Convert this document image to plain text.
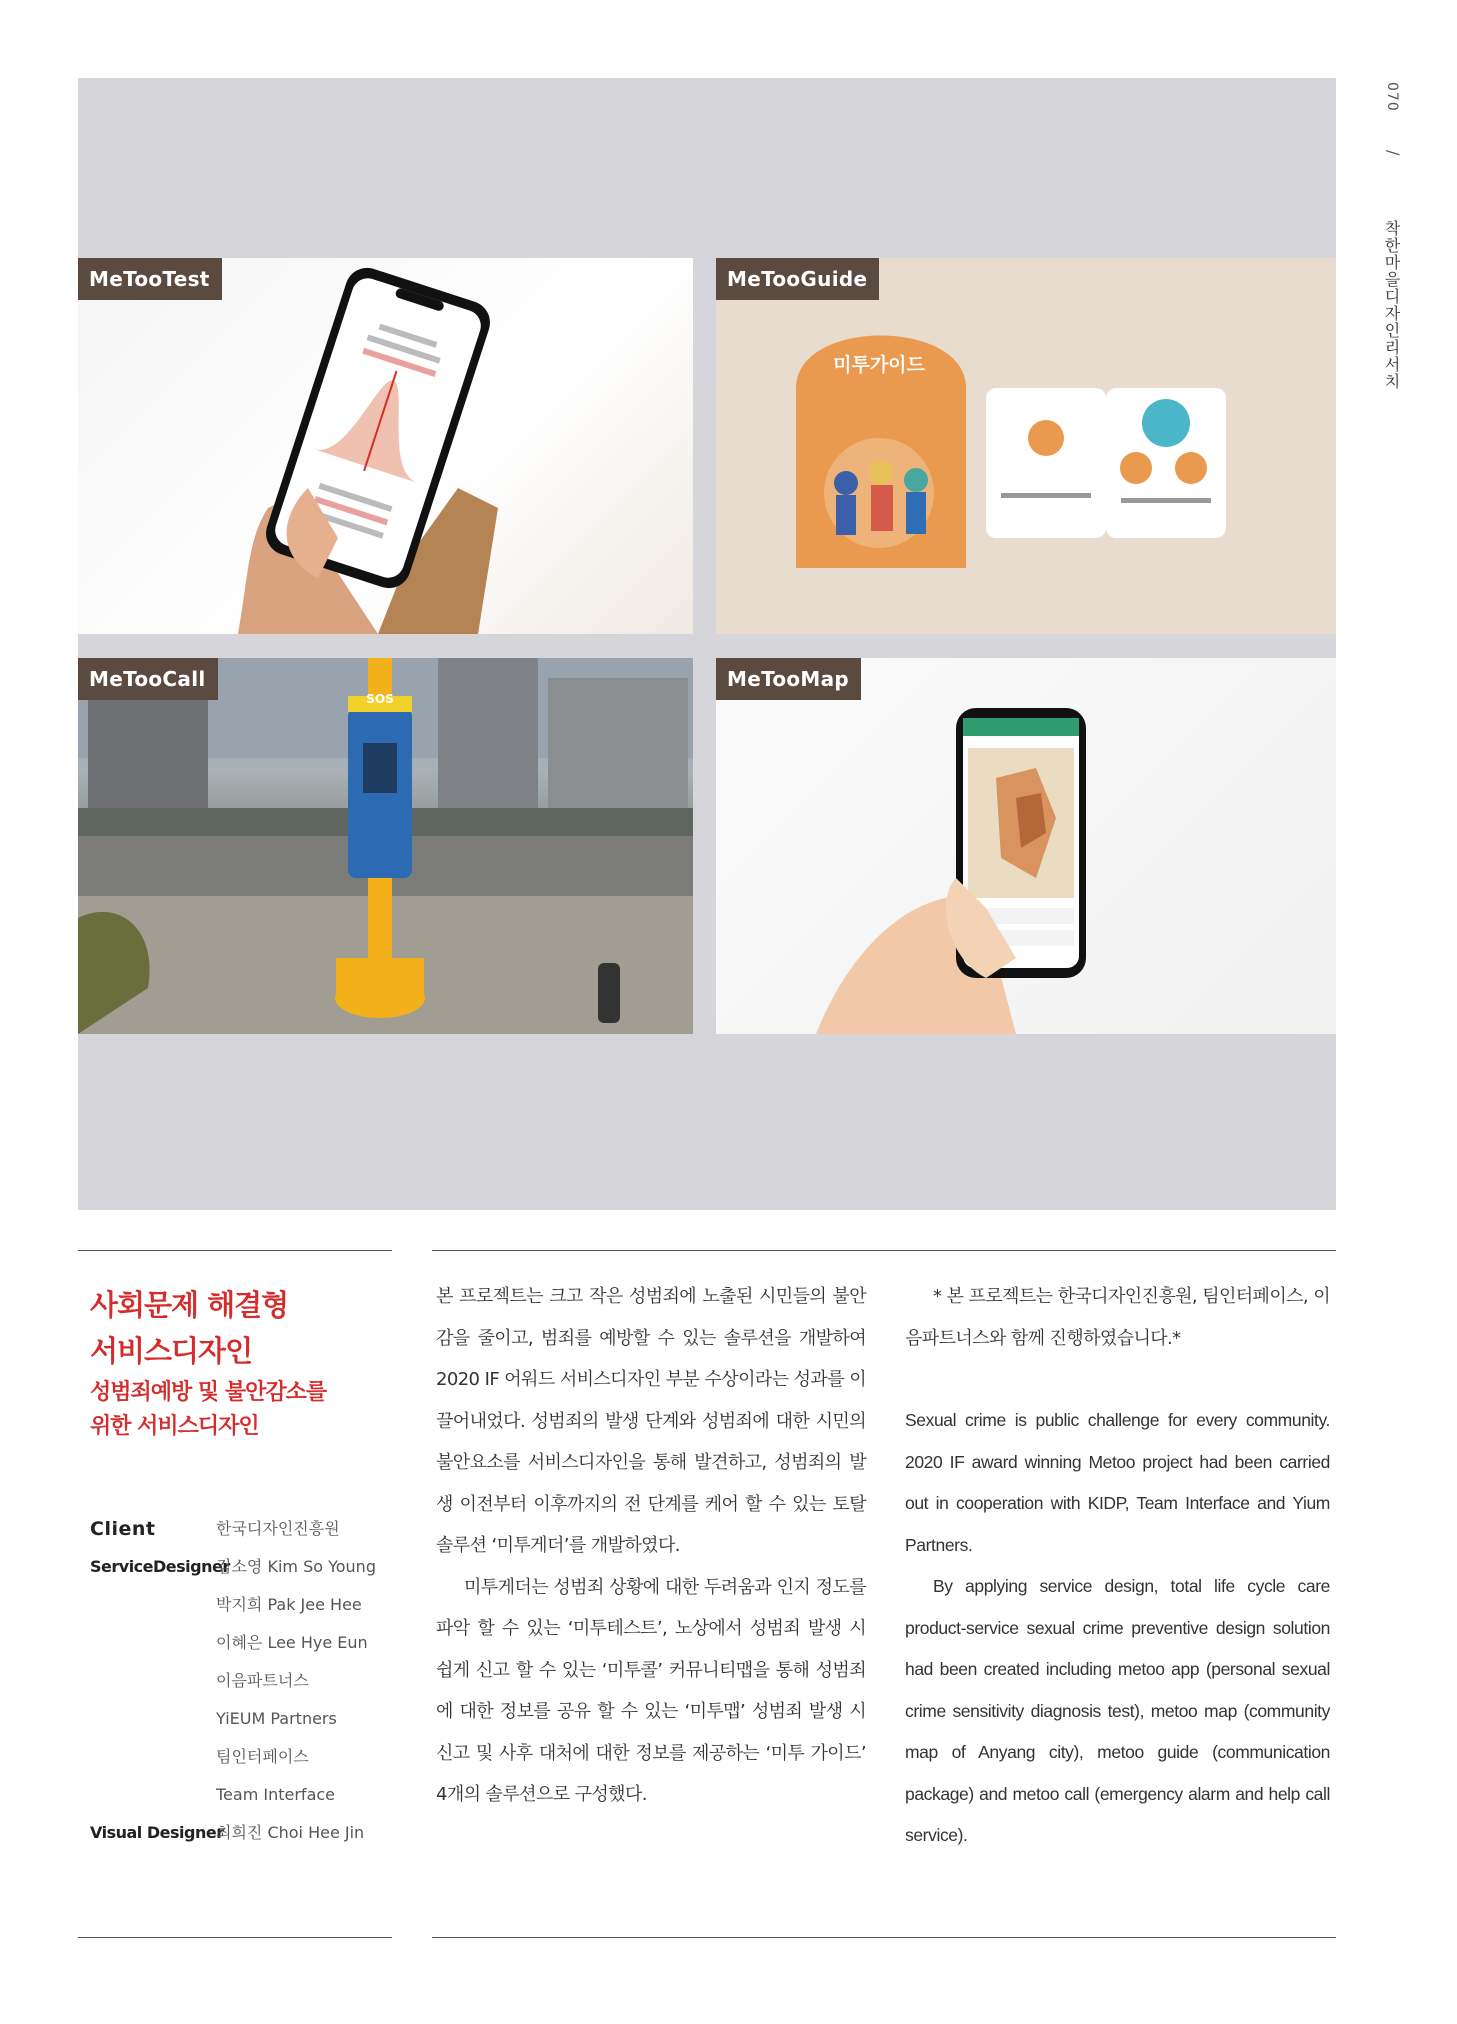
070
/
착한마을디자인리서치
MeTooTest
미투가이드
MeTooGuide
SOS
MeTooCall	MeTooMap
사회문제 해결형
서비스디자인
성범죄예방 및 불안감소를
위한 서비스디자인
Client	한국디자인진흥원
ServiceDesigner
김소영 Kim So Young
박지희 Pak Jee Hee
이혜은 Lee Hye Eun
이음파트너스
YiEUM Partners
팀인터페이스
Team Interface
Visual Designer
최희진 Choi Hee Jin

본 프로젝트는 크고 작은 성범죄에 노출된 시민들의 불안감을 줄이고, 범죄를 예방할 수 있는 솔루션을 개발하여 2020 IF 어워드 서비스디자인 부분 수상이라는 성과를 이끌어내었다. 성범죄의 발생 단계와 성범죄에 대한 시민의 불안요소를 서비스디자인을 통해 발견하고, 성범죄의 발생 이전부터 이후까지의 전 단계를 케어 할 수 있는 토탈 솔루션 ‘미투게더’를 개발하였다.

미투게더는 성범죄 상황에 대한 두려움과 인지 정도를 파악 할 수 있는 ‘미투테스트’, 노상에서 성범죄 발생 시 쉽게 신고 할 수 있는 ‘미투콜’ 커뮤니티맵을 통해 성범죄에 대한 정보를 공유 할 수 있는 ‘미투맵’ 성범죄 발생 시 신고 및 사후 대처에 대한 정보를 제공하는 ‘미투 가이드’ 4개의 솔루션으로 구성했다.

* 본 프로젝트는 한국디자인진흥원, 팀인터페이스, 이음파트너스와 함께 진행하였습니다.*

Sexual crime is public challenge for every community. 2020 IF award winning Metoo project had been carried out in cooperation with KIDP, Team Interface and Yium Partners.

By applying service design, total life cycle care product-service sexual crime preventive design solution had been created including metoo app (personal sexual crime sensitivity diagnosis test), metoo map (community map of Anyang city), metoo guide (communication package) and metoo call (emergency alarm and help call service).
